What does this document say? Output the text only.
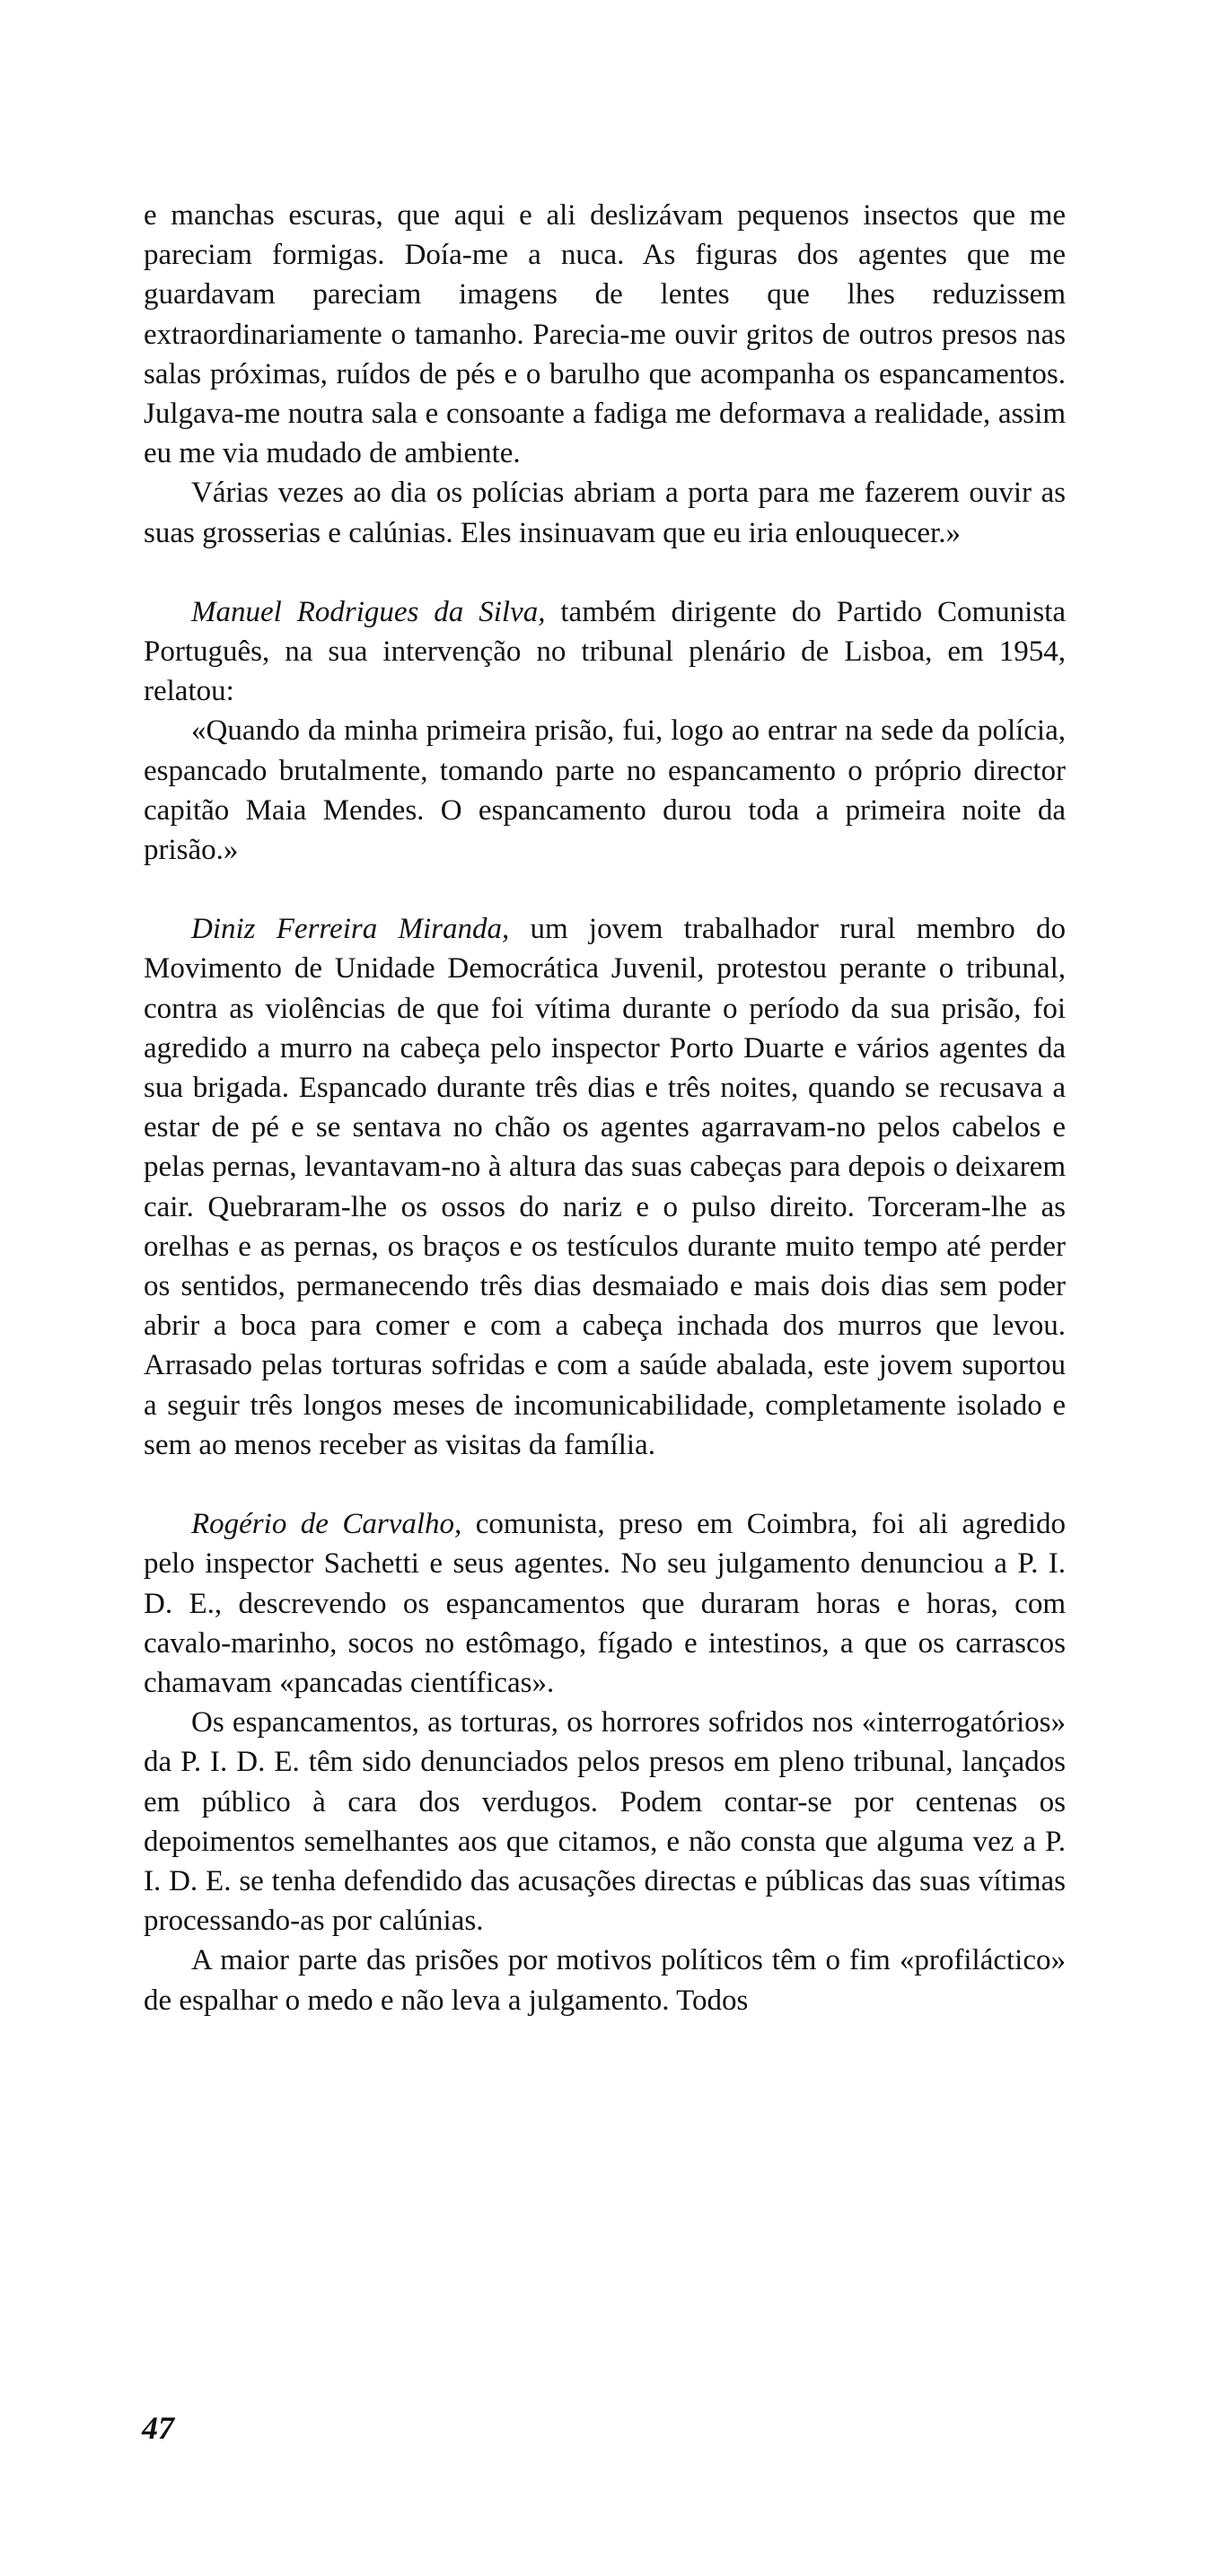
e manchas escuras, que aqui e ali deslizávam pequenos insectos que me pareciam formigas. Doía-me a nuca. As figuras dos agentes que me guardavam pareciam imagens de lentes que lhes reduzissem extraordinariamente o tamanho. Parecia-me ouvir gritos de outros presos nas salas próximas, ruídos de pés e o barulho que acompanha os espancamentos. Julgava-me noutra sala e consoante a fadiga me deformava a realidade, assim eu me via mudado de ambiente.

Várias vezes ao dia os polícias abriam a porta para me fazerem ouvir as suas grosserias e calúnias. Eles insinuavam que eu iria enlouquecer.»

Manuel Rodrigues da Silva, também dirigente do Partido Comunista Português, na sua intervenção no tribunal plenário de Lisboa, em 1954, relatou:

«Quando da minha primeira prisão, fui, logo ao entrar na sede da polícia, espancado brutalmente, tomando parte no espancamento o próprio director capitão Maia Mendes. O espancamento durou toda a primeira noite da prisão.»

Diniz Ferreira Miranda, um jovem trabalhador rural membro do Movimento de Unidade Democrática Juvenil, protestou perante o tribunal, contra as violências de que foi vítima durante o período da sua prisão, foi agredido a murro na cabeça pelo inspector Porto Duarte e vários agentes da sua brigada. Espancado durante três dias e três noites, quando se recusava a estar de pé e se sentava no chão os agentes agarravam-no pelos cabelos e pelas pernas, levantavam-no à altura das suas cabeças para depois o deixarem cair. Quebraram-lhe os ossos do nariz e o pulso direito. Torceram-lhe as orelhas e as pernas, os braços e os testículos durante muito tempo até perder os sentidos, permanecendo três dias desmaiado e mais dois dias sem poder abrir a boca para comer e com a cabeça inchada dos murros que levou. Arrasado pelas torturas sofridas e com a saúde abalada, este jovem suportou a seguir três longos meses de incomunicabilidade, completamente isolado e sem ao menos receber as visitas da família.

Rogério de Carvalho, comunista, preso em Coimbra, foi ali agredido pelo inspector Sachetti e seus agentes. No seu julgamento denunciou a P. I. D. E., descrevendo os espancamentos que duraram horas e horas, com cavalo-marinho, socos no estômago, fígado e intestinos, a que os carrascos chamavam «pancadas científicas».

Os espancamentos, as torturas, os horrores sofridos nos «interrogatórios» da P. I. D. E. têm sido denunciados pelos presos em pleno tribunal, lançados em público à cara dos verdugos. Podem contar-se por centenas os depoimentos semelhantes aos que citamos, e não consta que alguma vez a P. I. D. E. se tenha defendido das acusações directas e públicas das suas vítimas processando-as por calúnias.

A maior parte das prisões por motivos políticos têm o fim «profiláctico» de espalhar o medo e não leva a julgamento. Todos

47
